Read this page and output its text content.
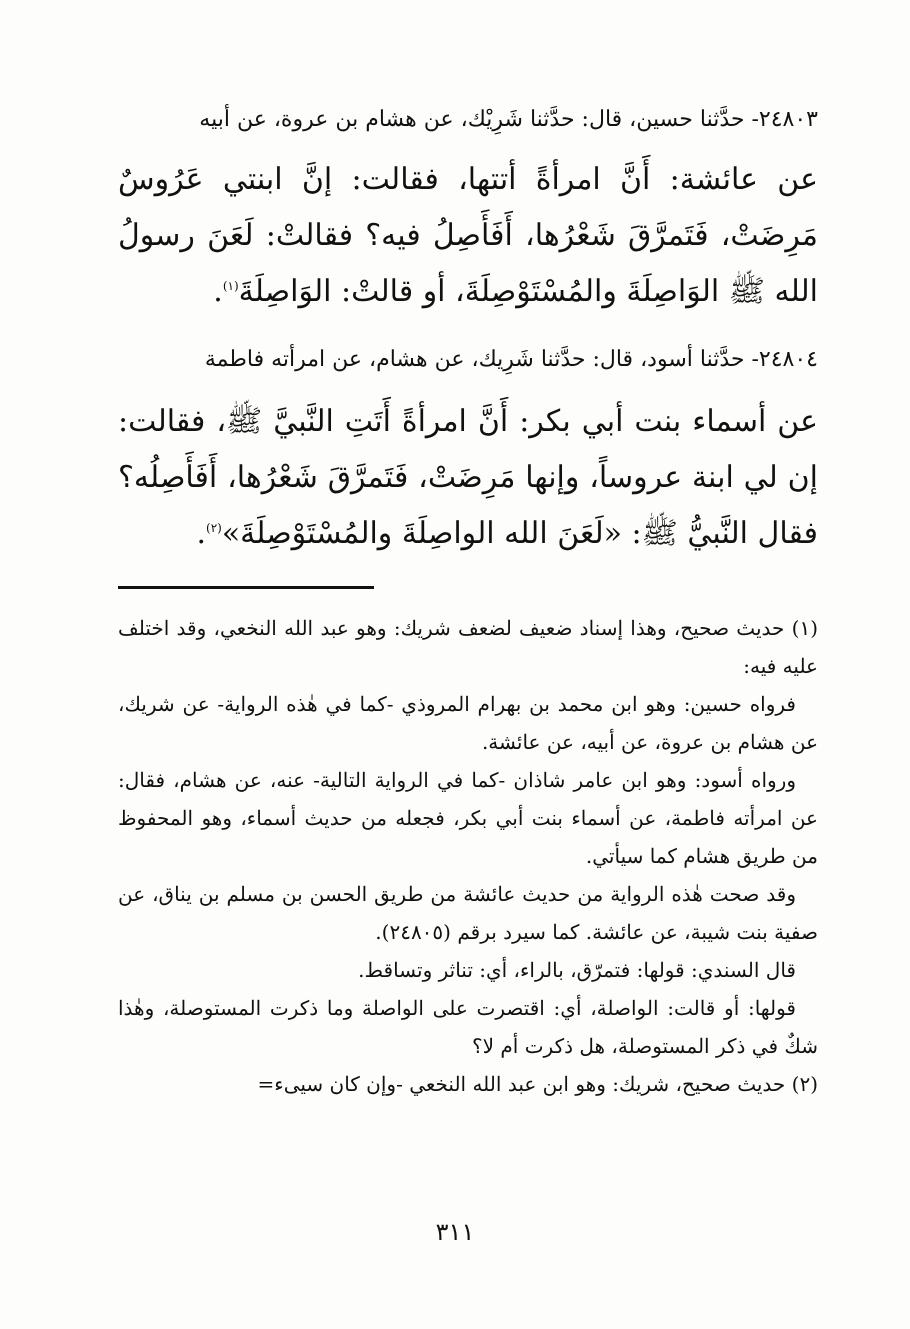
٢٤٨٠٣- حدَّثنا حسين، قال: حدَّثنا شَرِيْك، عن هشام بن عروة، عن أبيه

عن عائشة: أَنَّ امرأةً أتتها، فقالت: إنَّ ابنتي عَرُوسٌ مَرِضَتْ، فَتَمرَّقَ شَعْرُها، أَفَأَصِلُ فيه؟ فقالتْ: لَعَنَ رسولُ الله ﷺ الوَاصِلَةَ والمُسْتَوْصِلَةَ، أو قالتْ: الوَاصِلَةَ$^{(١)}$.

٢٤٨٠٤- حدَّثنا أسود، قال: حدَّثنا شَرِيك، عن هشام، عن امرأته فاطمة

عن أسماء بنت أبي بكر: أَنَّ امرأةً أَتَتِ النَّبيَّ ﷺ، فقالت: إن لي ابنة عروساً، وإنها مَرِضَتْ، فَتَمرَّقَ شَعْرُها، أَفَأَصِلُه؟ فقال النَّبيُّ ﷺ: «لَعَنَ الله الواصِلَةَ والمُسْتَوْصِلَةَ»$^{(٢)}$.

(١) حديث صحيح، وهذا إسناد ضعيف لضعف شريك: وهو عبد الله النخعي، وقد اختلف عليه فيه:

فرواه حسين: وهو ابن محمد بن بهرام المروذي -كما في هٰذه الرواية- عن شريك، عن هشام بن عروة، عن أبيه، عن عائشة.

ورواه أسود: وهو ابن عامر شاذان -كما في الرواية التالية- عنه، عن هشام، فقال: عن امرأته فاطمة، عن أسماء بنت أبي بكر، فجعله من حديث أسماء، وهو المحفوظ من طريق هشام كما سيأتي.

وقد صحت هٰذه الرواية من حديث عائشة من طريق الحسن بن مسلم بن يناق، عن صفية بنت شيبة، عن عائشة. كما سيرد برقم (٢٤٨٠٥).

قال السندي: قولها: فتمرّق، بالراء، أي: تناثر وتساقط.

قولها: أو قالت: الواصلة، أي: اقتصرت على الواصلة وما ذكرت المستوصلة، وهٰذا شكٌ في ذكر المستوصلة، هل ذكرت أم لا؟

(٢) حديث صحيح، شريك: وهو ابن عبد الله النخعي -وإن كان سيىء=

٣١١
